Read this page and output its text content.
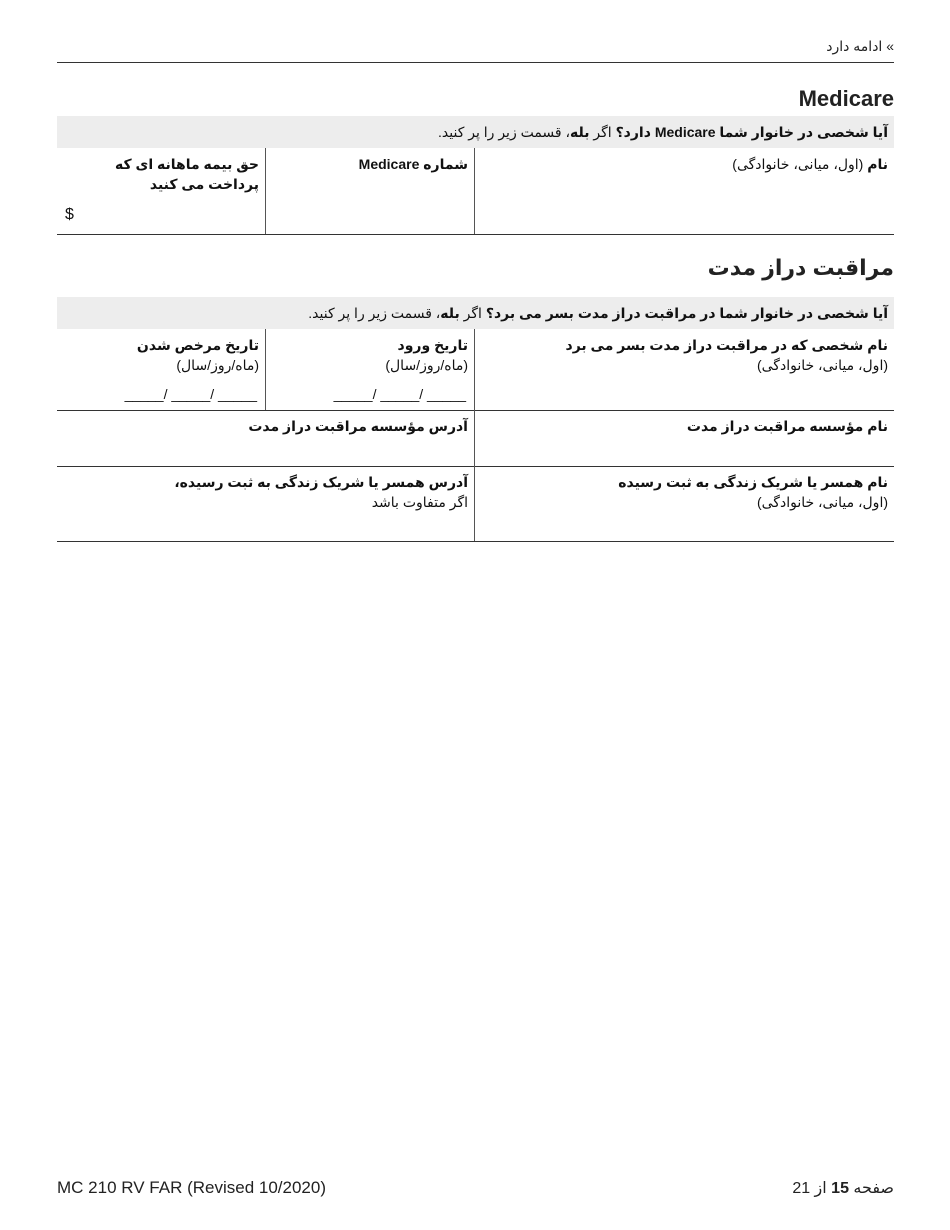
» ادامه دارد
Medicare
آیا شخصی در خانوار شما Medicare دارد؟ اگر بله، قسمت زیر را پر کنید.
نام (اول، میانی، خانوادگی)
شماره Medicare
حق بیمه ماهانه ای که پرداخت می کنید
$
مراقبت دراز مدت
آیا شخصی در خانوار شما در مراقبت دراز مدت بسر می برد؟ اگر بله، قسمت زیر را پر کنید.
نام شخصی که در مراقبت دراز مدت بسر می برد
(اول، میانی، خانوادگی)
تاریخ ورود
(ماه/روز/سال)
_____/ _____/ _____
تاریخ مرخص شدن
(ماه/روز/سال)
_____/ _____/ _____
نام مؤسسه مراقبت دراز مدت
آدرس مؤسسه مراقبت دراز مدت
نام همسر یا شریک زندگی به ثبت رسیده
(اول، میانی، خانوادگی)
آدرس همسر یا شریک زندگی به ثبت رسیده،
اگر متفاوت باشد
MC 210 RV FAR (Revised 10/2020)	صفحه 15 از 21
